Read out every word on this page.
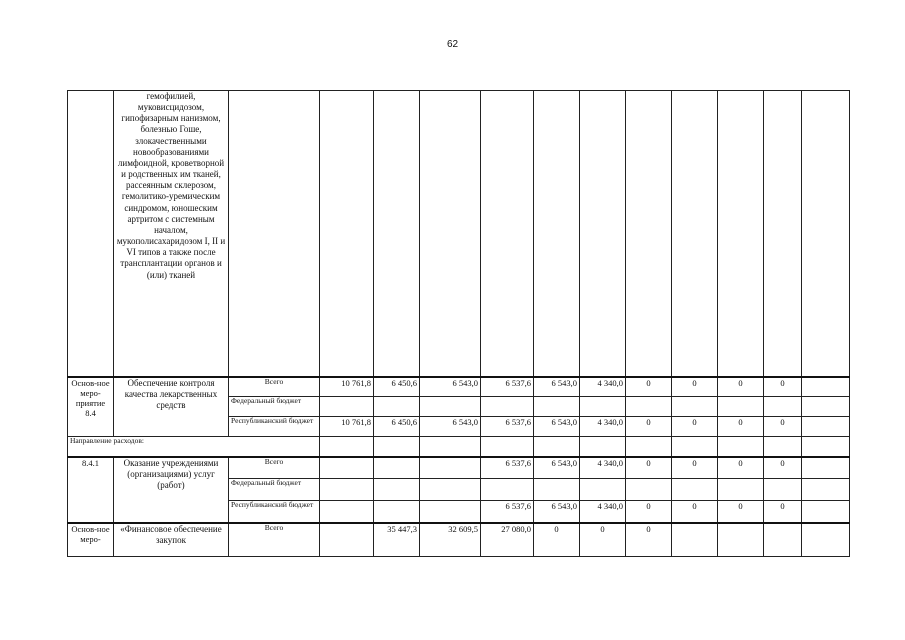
62
	гемофилией, муковисцидозом, гипофизарным нанизмом, болезнью Гоше, злокачественными новообразованиями лимфоидной, кроветворной и родственных им тканей, рассеянным склерозом, гемолитико-уремическим синдромом, юношеским артритом с системным началом, мукополисахаридозом I, II и VI типов а также после трансплантации органов и (или) тканей												
Основ-ное меро-приятие 8.4	Обеспечение контроля качества лекарственных средств	Всего	10 761,8	6 450,6	6 543,0	6 537,6	6 543,0	4 340,0	0	0	0	0	
		Федеральный бюджет											
		Республиканский бюджет	10 761,8	6 450,6	6 543,0	6 537,6	6 543,0	4 340,0	0	0	0	0	
Направление расходов:													
8.4.1	Оказание учреждениями (организациями) услуг (работ)	Всего				6 537,6	6 543,0	4 340,0	0	0	0	0	
		Федеральный бюджет											
		Республиканский бюджет				6 537,6	6 543,0	4 340,0	0	0	0	0	
Основ-ное меро-	«Финансовое обеспечение закупок	Всего		35 447,3	32 609,5	27 080,0	0	0	0				
